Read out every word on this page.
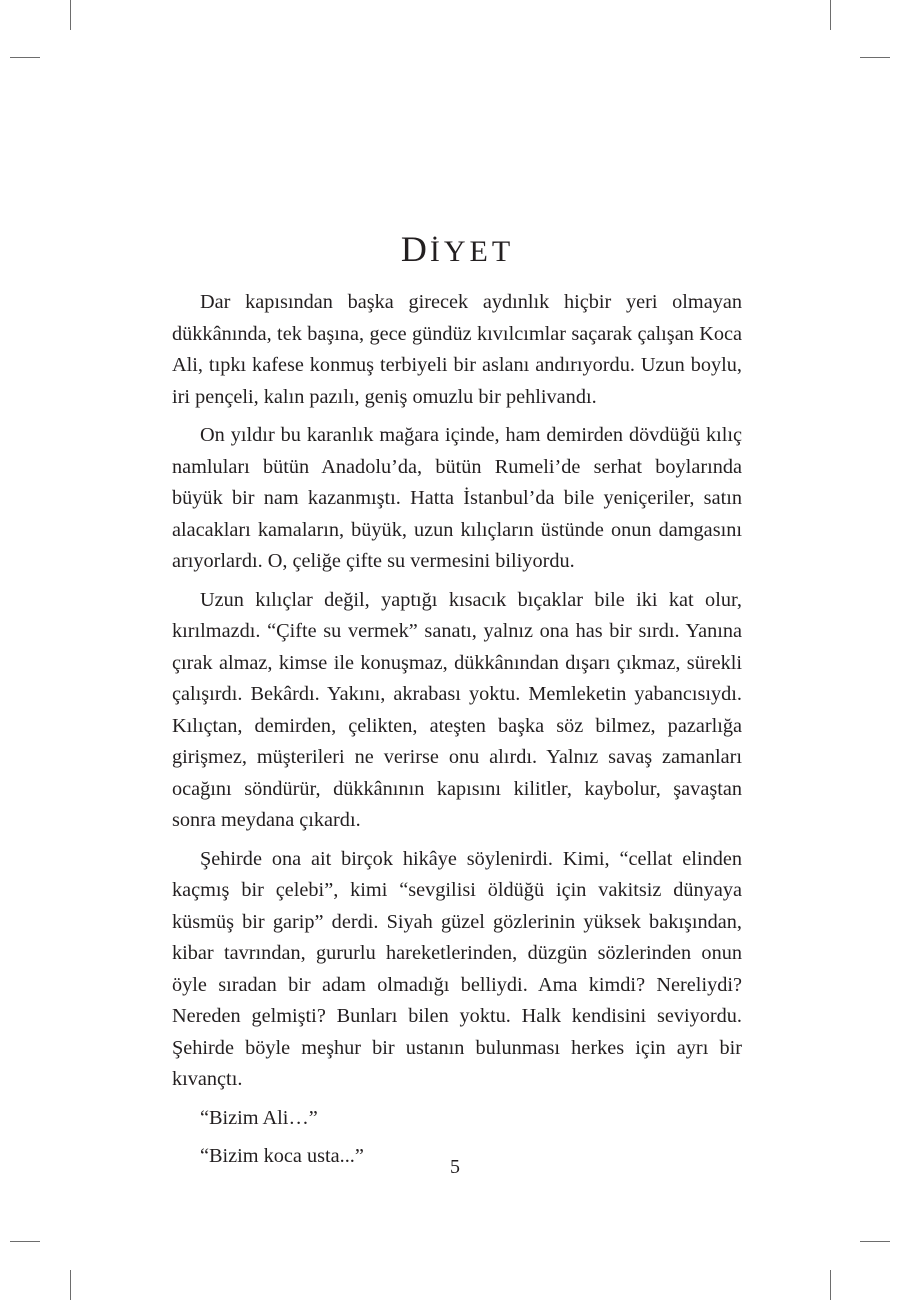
DİYET

Dar kapısından başka girecek aydınlık hiçbir yeri olmayan dükkânında, tek başına, gece gündüz kıvılcımlar saçarak çalışan Koca Ali, tıpkı kafese konmuş terbiyeli bir aslanı andırıyordu. Uzun boylu, iri pençeli, kalın pazılı, geniş omuzlu bir pehlivandı.

On yıldır bu karanlık mağara içinde, ham demirden dövdüğü kılıç namluları bütün Anadolu’da, bütün Rumeli’de serhat boylarında büyük bir nam kazanmıştı. Hatta İstanbul’da bile yeniçeriler, satın alacakları kamaların, büyük, uzun kılıçların üstünde onun damgasını arıyorlardı. O, çeliğe çifte su vermesini biliyordu.

Uzun kılıçlar değil, yaptığı kısacık bıçaklar bile iki kat olur, kırılmazdı. “Çifte su vermek” sanatı, yalnız ona has bir sırdı. Yanına çırak almaz, kimse ile konuşmaz, dükkânından dışarı çıkmaz, sürekli çalışırdı. Bekârdı. Yakını, akrabası yoktu. Memleketin yabancısıydı. Kılıçtan, demirden, çelikten, ateşten başka söz bilmez, pazarlığa girişmez, müşterileri ne verirse onu alırdı. Yalnız savaş zamanları ocağını söndürür, dükkânının kapısını kilitler, kaybolur, şavaştan sonra meydana çıkardı.

Şehirde ona ait birçok hikâye söylenirdi. Kimi, “cellat elinden kaçmış bir çelebi”, kimi “sevgilisi öldüğü için vakitsiz dünyaya küsmüş bir garip” derdi. Siyah güzel gözlerinin yüksek bakışından, kibar tavrından, gururlu hareketlerinden, düzgün sözlerinden onun öyle sıradan bir adam olmadığı belliydi. Ama kimdi? Nereliydi? Nereden gelmişti? Bunları bilen yoktu. Halk kendisini seviyordu. Şehirde böyle meşhur bir ustanın bulunması herkes için ayrı bir kıvançtı.

“Bizim Ali…”

“Bizim koca usta...”	5
